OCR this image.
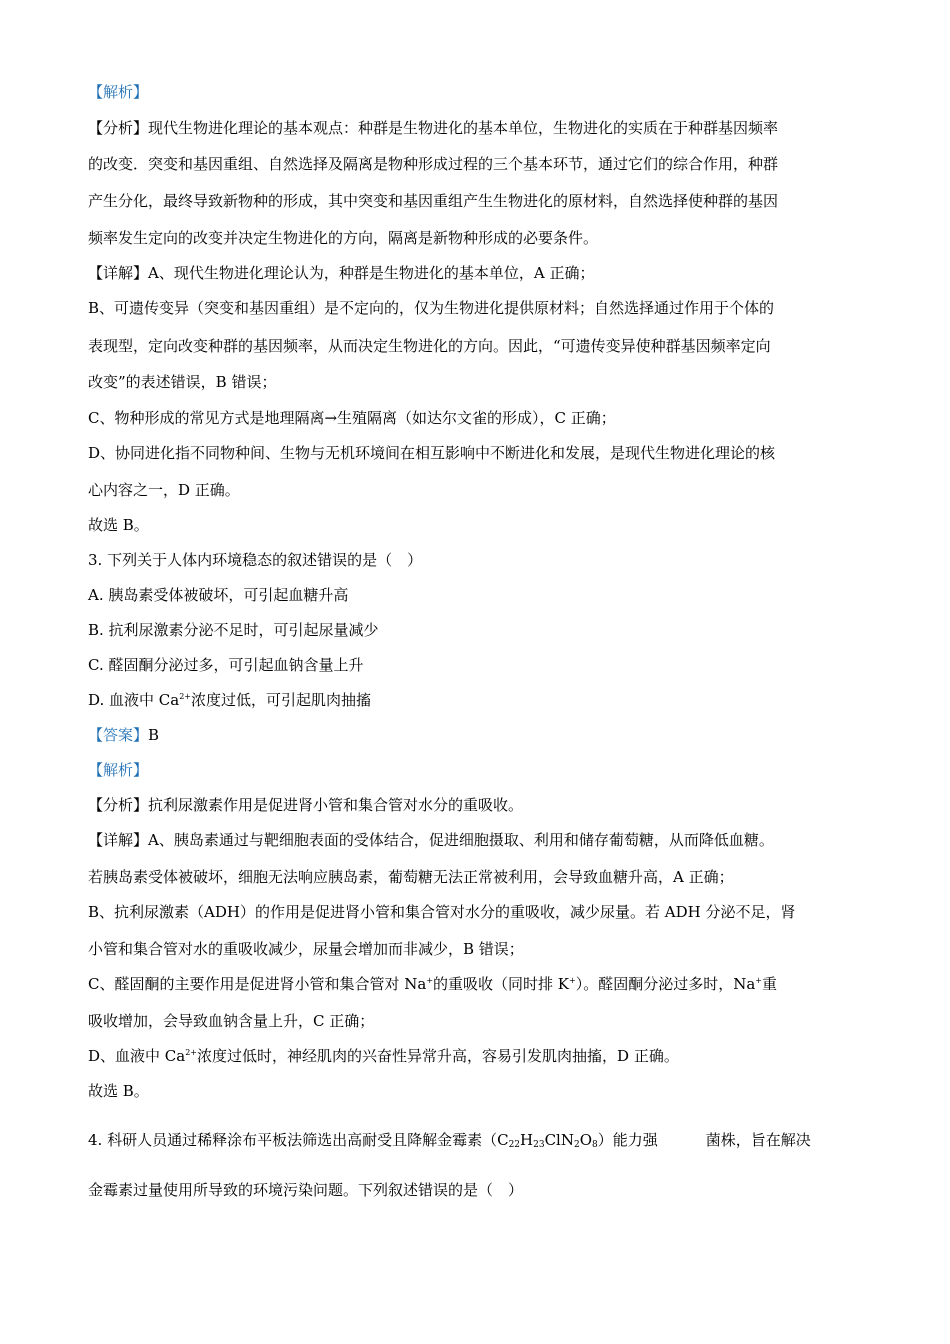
【解析】
【分析】现代生物进化理论的基本观点：种群是生物进化的基本单位，生物进化的实质在于种群基因频率
的改变．突变和基因重组、自然选择及隔离是物种形成过程的三个基本环节，通过它们的综合作用，种群
产生分化，最终导致新物种的形成，其中突变和基因重组产生生物进化的原材料，自然选择使种群的基因
频率发生定向的改变并决定生物进化的方向，隔离是新物种形成的必要条件。
【详解】A、现代生物进化理论认为，种群是生物进化的基本单位，A 正确；
B、可遗传变异（突变和基因重组）是不定向的，仅为生物进化提供原材料；自然选择通过作用于个体的
表现型，定向改变种群的基因频率，从而决定生物进化的方向。因此，“可遗传变异使种群基因频率定向
改变”的表述错误，B 错误；
C、物种形成的常见方式是地理隔离→生殖隔离（如达尔文雀的形成），C 正确；
D、协同进化指不同物种间、生物与无机环境间在相互影响中不断进化和发展，是现代生物进化理论的核
心内容之一，D 正确。
故选 B。
3. 下列关于人体内环境稳态的叙述错误的是（　）
A. 胰岛素受体被破坏，可引起血糖升高
B. 抗利尿激素分泌不足时，可引起尿量减少
C. 醛固酮分泌过多，可引起血钠含量上升
D. 血液中 $Ca^{2+}$浓度过低，可引起肌肉抽搐
【答案】B
【解析】
【分析】抗利尿激素作用是促进肾小管和集合管对水分的重吸收。
【详解】A、胰岛素通过与靶细胞表面的受体结合，促进细胞摄取、利用和储存葡萄糖，从而降低血糖。
若胰岛素受体被破坏，细胞无法响应胰岛素，葡萄糖无法正常被利用，会导致血糖升高，A 正确；
B、抗利尿激素（ADH）的作用是促进肾小管和集合管对水分的重吸收，减少尿量。若 ADH 分泌不足，肾
小管和集合管对水的重吸收减少，尿量会增加而非减少，B 错误；
C、醛固酮的主要作用是促进肾小管和集合管对 Na+的重吸收（同时排 K+）。醛固酮分泌过多时，Na+重
吸收增加，会导致血钠含量上升，C 正确；
D、血液中 $Ca^{2+}$浓度过低时，神经肌肉的兴奋性异常升高，容易引发肌肉抽搐，D 正确。
故选 B。
4. 科研人员通过稀释涂布平板法筛选出高耐受且降解金霉素$(C_{22}H_{23}ClN_2O_8)$能力强	菌株，旨在解决
金霉素过量使用所导致的环境污染问题。下列叙述错误的是（　）
